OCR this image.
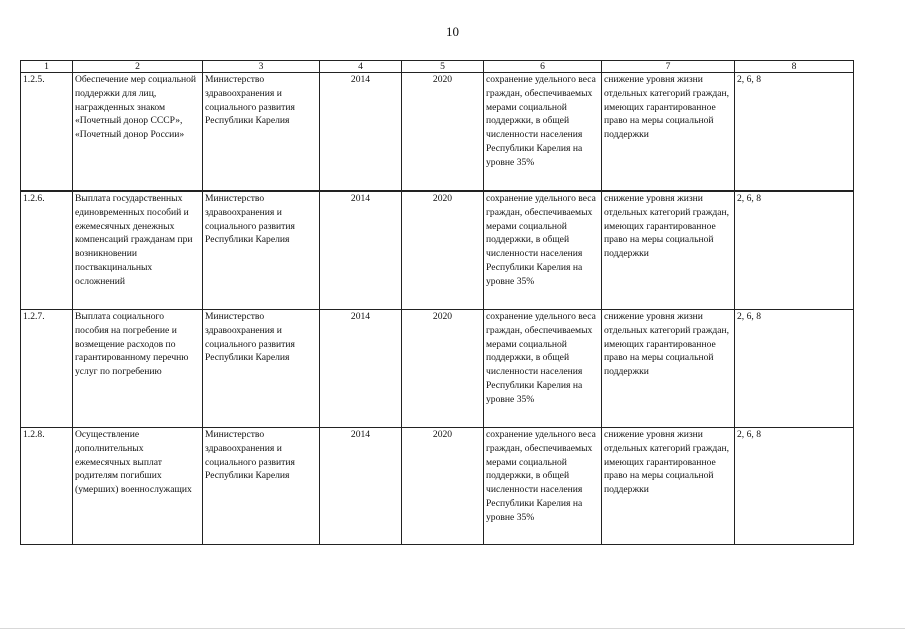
10
1	2	3	4	5	6	7	8
1.2.5.	Обеспечение мер социальной поддержки для лиц, награжденных знаком «Почетный донор СССР», «Почетный донор России»	Министерство здравоохранения и социального развития Республики Карелия	2014	2020	сохранение удельного веса граждан, обеспечиваемых мерами социальной поддержки, в общей численности населения Республики Карелия на уровне 35%	снижение уровня жизни отдельных категорий граждан, имеющих гарантированное право на меры социальной поддержки	2, 6, 8

1.2.6.	Выплата государственных единовременных пособий и ежемесячных денежных компенсаций гражданам при возникновении поствакцинальных осложнений	Министерство здравоохранения и социального развития Республики Карелия	2014	2020	сохранение удельного веса граждан, обеспечиваемых мерами социальной поддержки, в общей численности населения Республики Карелия на уровне 35%	снижение уровня жизни отдельных категорий граждан, имеющих гарантированное право на меры социальной поддержки	2, 6, 8
1.2.7.	Выплата социального пособия на погребение и возмещение расходов по гарантированному перечню услуг по погребению	Министерство здравоохранения и социального развития Республики Карелия	2014	2020	сохранение удельного веса граждан, обеспечиваемых мерами социальной поддержки, в общей численности населения Республики Карелия на уровне 35%	снижение уровня жизни отдельных категорий граждан, имеющих гарантированное право на меры социальной поддержки	2, 6, 8
1.2.8.	Осуществление дополнительных ежемесячных выплат родителям погибших (умерших) военнослужащих	Министерство здравоохранения и социального развития Республики Карелия	2014	2020	сохранение удельного веса граждан, обеспечиваемых мерами социальной поддержки, в общей численности населения Республики Карелия на уровне 35%	снижение уровня жизни отдельных категорий граждан, имеющих гарантированное право на меры социальной поддержки	2, 6, 8
